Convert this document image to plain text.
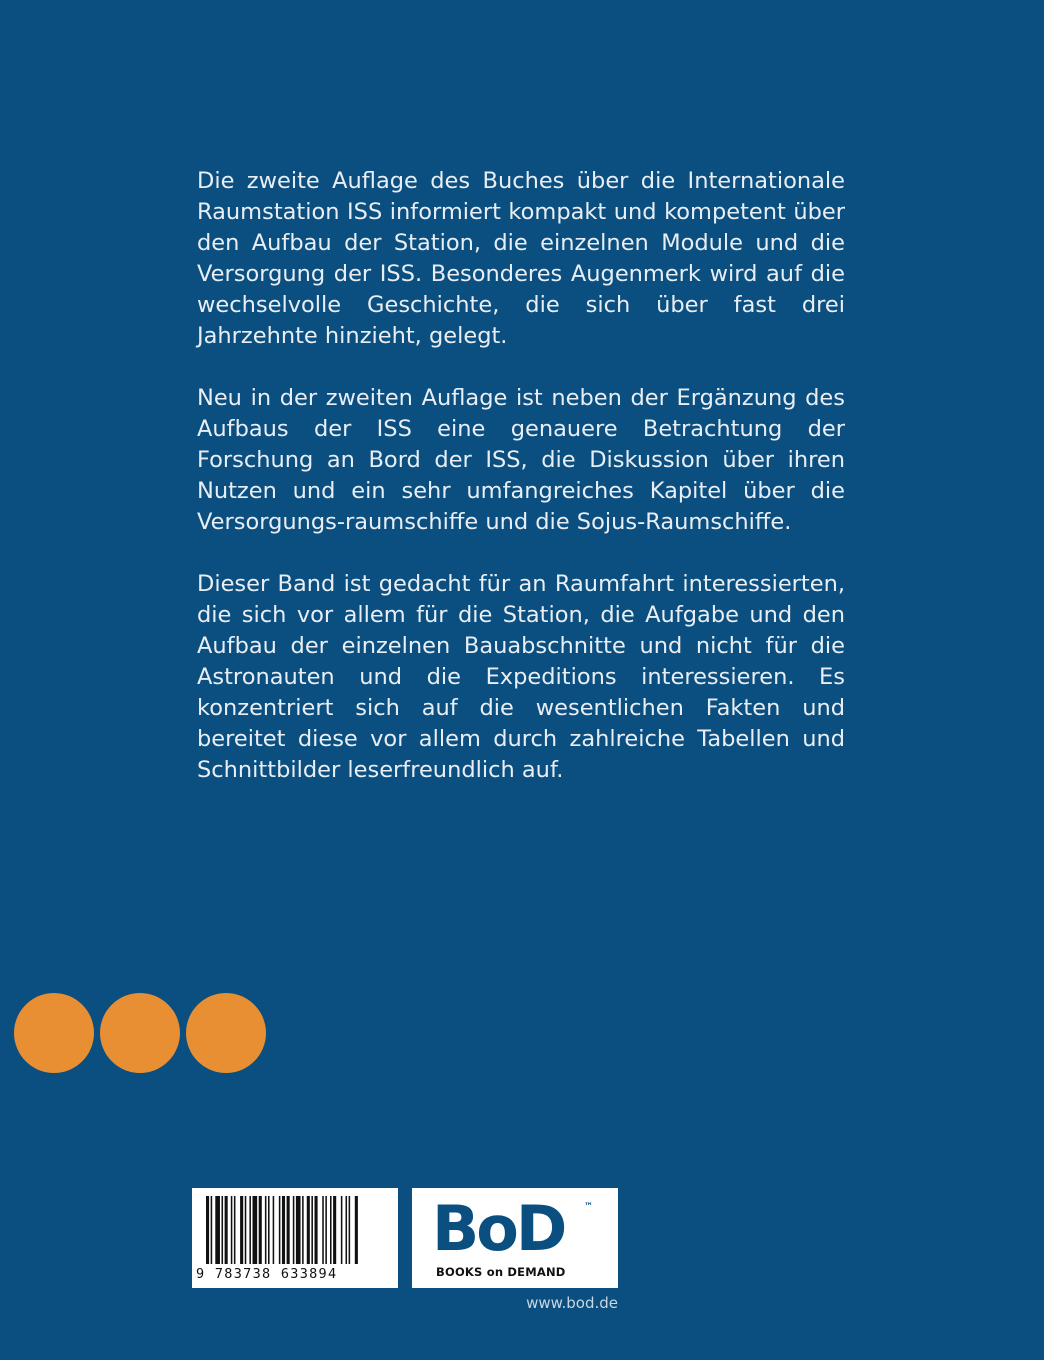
Die zweite Auflage des Buches über die Internationale Raumstation ISS informiert kompakt und kompetent über den Aufbau der Station, die einzelnen Module und die Versorgung der ISS. Besonderes Augenmerk wird auf die wechselvolle Geschichte, die sich über fast drei Jahrzehnte hinzieht, gelegt.

Neu in der zweiten Auflage ist neben der Ergänzung des Aufbaus der ISS eine genauere Betrachtung der Forschung an Bord der ISS, die Diskussion über ihren Nutzen und ein sehr umfangreiches Kapitel über die Versorgungs-raumschiffe und die Sojus-Raumschiffe.

Dieser Band ist gedacht für an Raumfahrt interessierten, die sich vor allem für die Station, die Aufgabe und den Aufbau der einzelnen Bauabschnitte und nicht für die Astronauten und die Expeditions interessieren. Es konzentriert sich auf die wesentlichen Fakten und bereitet diese vor allem durch zahlreiche Tabellen und Schnittbilder leserfreundlich auf.

9 783738 633894
BoD ™
BOOKS on DEMAND
www.bod.de
